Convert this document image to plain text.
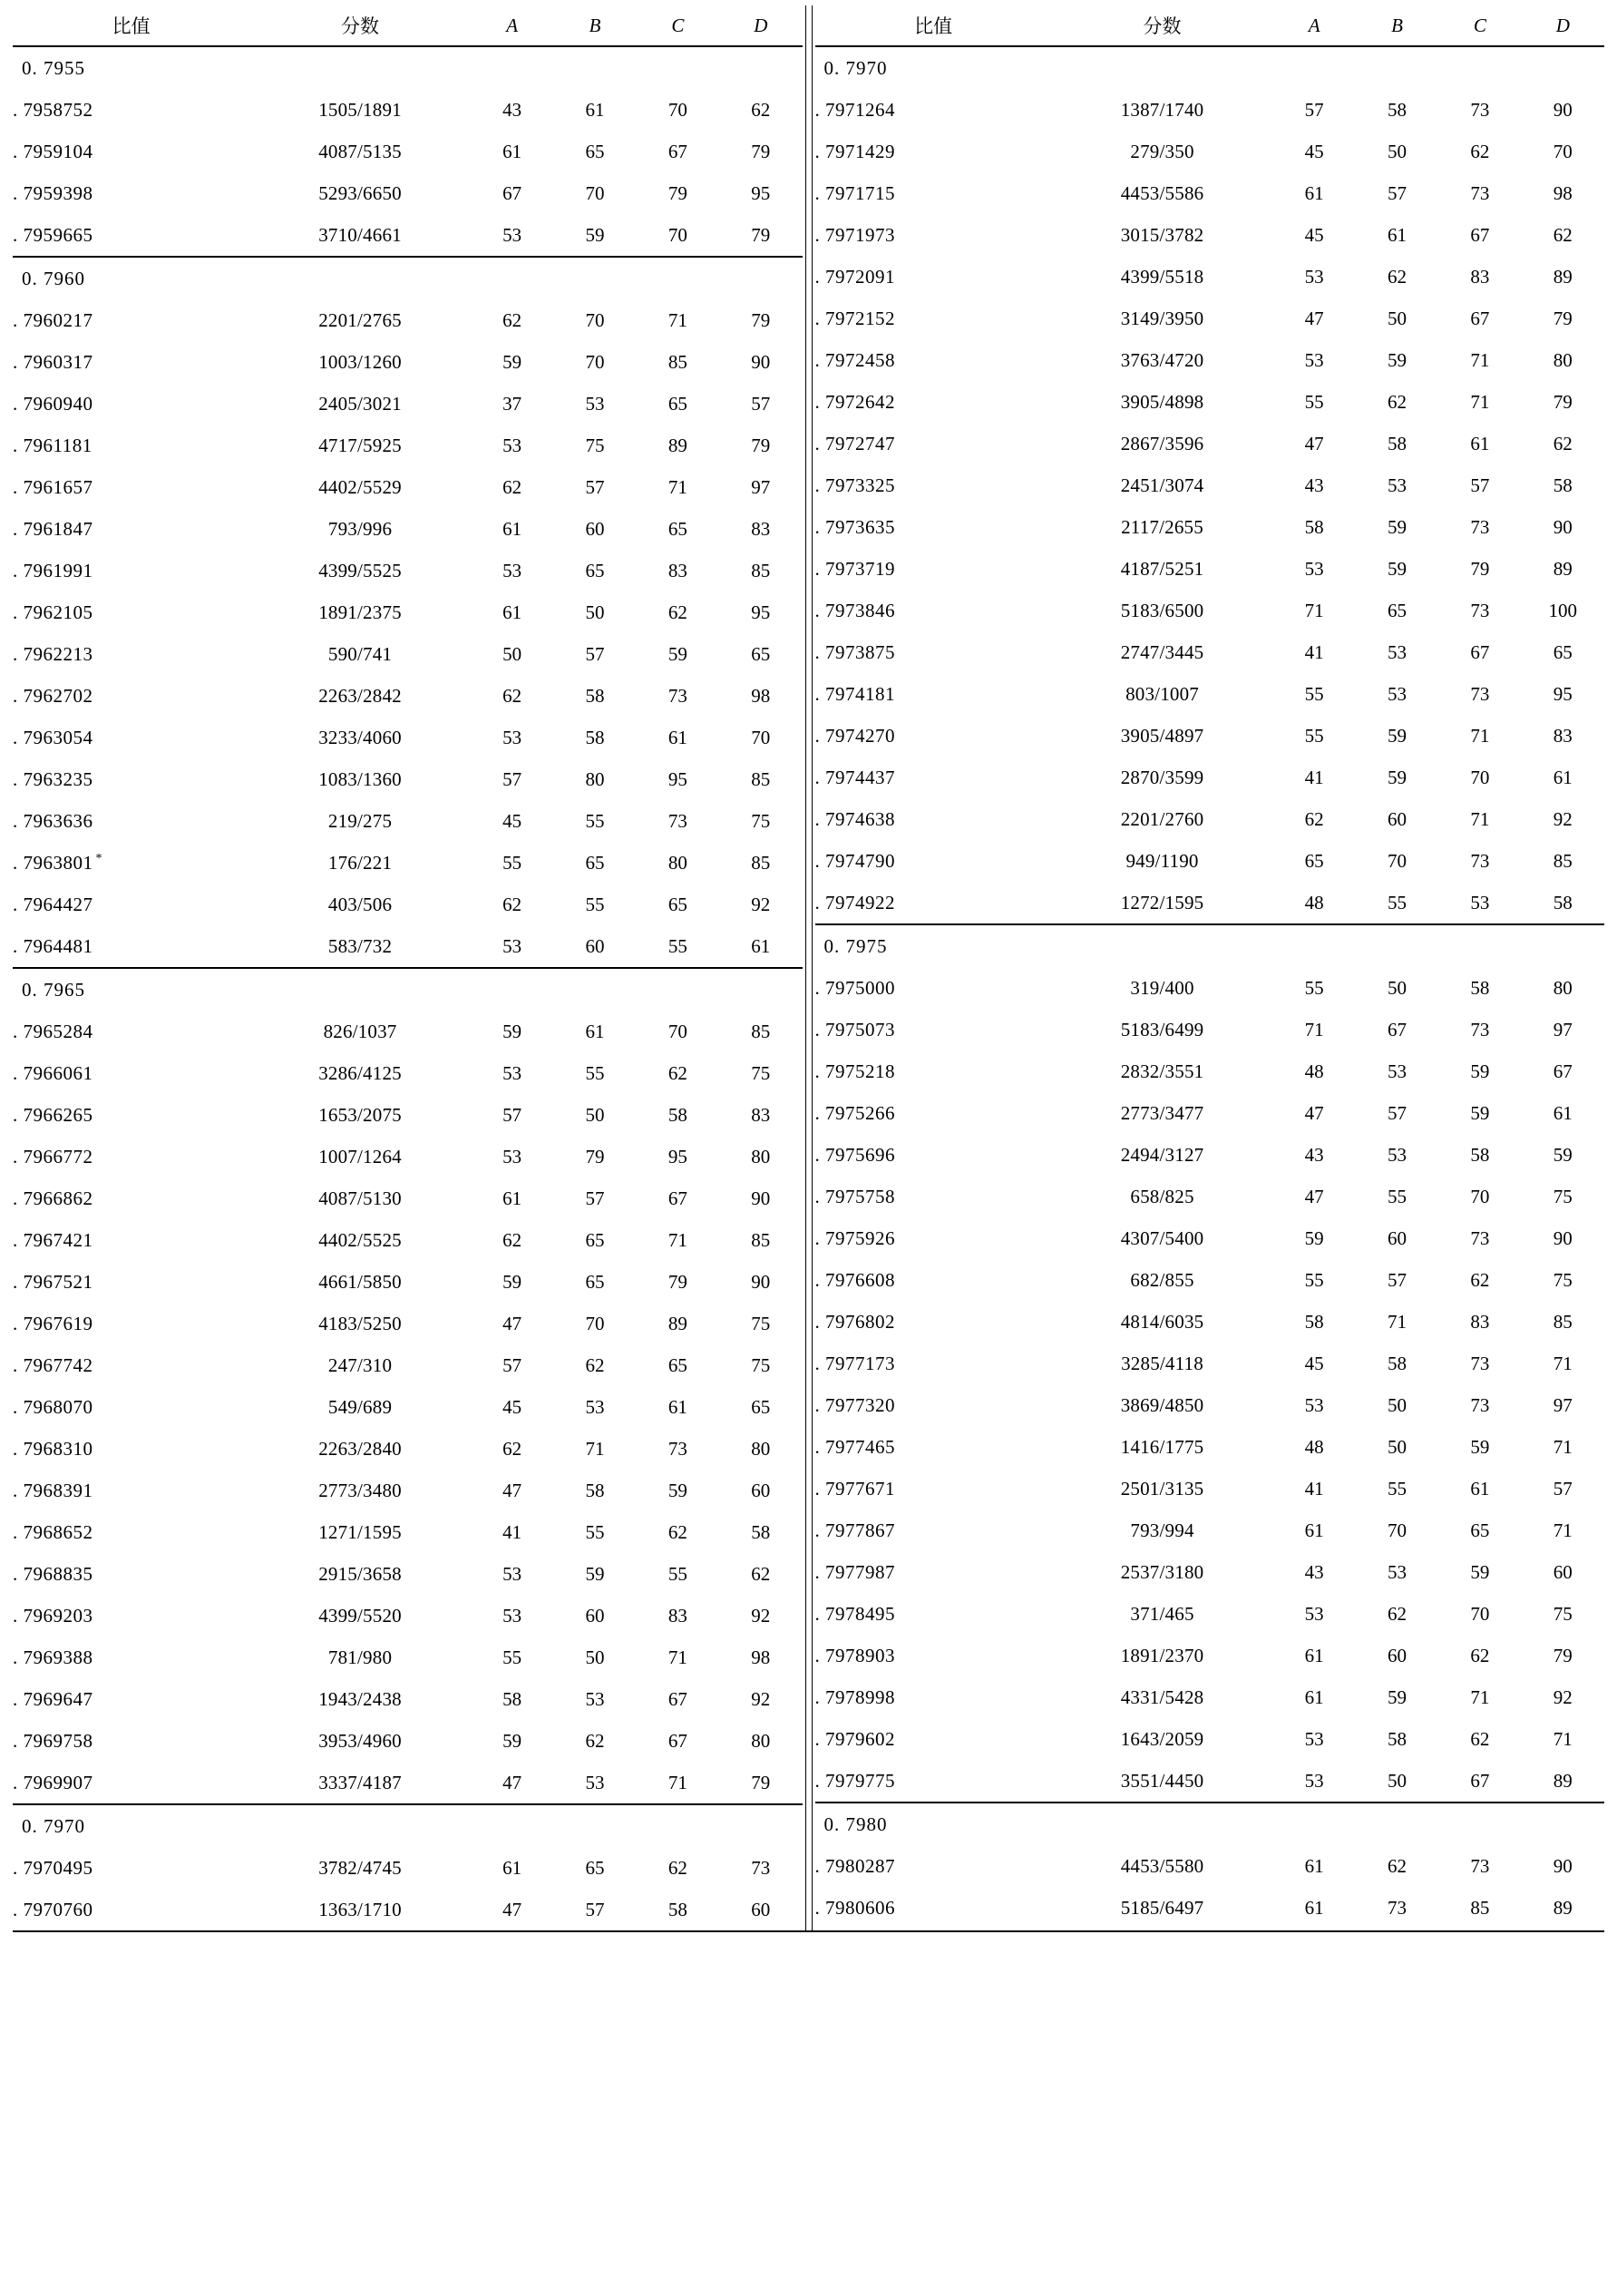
比值	分数	A	B	C	D
0. 7955					
. 7958752	1505/1891	43	61	70	62
. 7959104	4087/5135	61	65	67	79
. 7959398	5293/6650	67	70	79	95
. 7959665	3710/4661	53	59	70	79
0. 7960					
. 7960217	2201/2765	62	70	71	79
. 7960317	1003/1260	59	70	85	90
. 7960940	2405/3021	37	53	65	57
. 7961181	4717/5925	53	75	89	79
. 7961657	4402/5529	62	57	71	97
. 7961847	793/996	61	60	65	83
. 7961991	4399/5525	53	65	83	85
. 7962105	1891/2375	61	50	62	95
. 7962213	590/741	50	57	59	65
. 7962702	2263/2842	62	58	73	98
. 7963054	3233/4060	53	58	61	70
. 7963235	1083/1360	57	80	95	85
. 7963636	219/275	45	55	73	75
. 7963801 *	176/221	55	65	80	85
. 7964427	403/506	62	55	65	92
. 7964481	583/732	53	60	55	61
0. 7965					
. 7965284	826/1037	59	61	70	85
. 7966061	3286/4125	53	55	62	75
. 7966265	1653/2075	57	50	58	83
. 7966772	1007/1264	53	79	95	80
. 7966862	4087/5130	61	57	67	90
. 7967421	4402/5525	62	65	71	85
. 7967521	4661/5850	59	65	79	90
. 7967619	4183/5250	47	70	89	75
. 7967742	247/310	57	62	65	75
. 7968070	549/689	45	53	61	65
. 7968310	2263/2840	62	71	73	80
. 7968391	2773/3480	47	58	59	60
. 7968652	1271/1595	41	55	62	58
. 7968835	2915/3658	53	59	55	62
. 7969203	4399/5520	53	60	83	92
. 7969388	781/980	55	50	71	98
. 7969647	1943/2438	58	53	67	92
. 7969758	3953/4960	59	62	67	80
. 7969907	3337/4187	47	53	71	79
0. 7970					
. 7970495	3782/4745	61	65	62	73
. 7970760	1363/1710	47	57	58	60
比值	分数	A	B	C	D
0. 7970					
. 7971264	1387/1740	57	58	73	90
. 7971429	279/350	45	50	62	70
. 7971715	4453/5586	61	57	73	98
. 7971973	3015/3782	45	61	67	62
. 7972091	4399/5518	53	62	83	89
. 7972152	3149/3950	47	50	67	79
. 7972458	3763/4720	53	59	71	80
. 7972642	3905/4898	55	62	71	79
. 7972747	2867/3596	47	58	61	62
. 7973325	2451/3074	43	53	57	58
. 7973635	2117/2655	58	59	73	90
. 7973719	4187/5251	53	59	79	89
. 7973846	5183/6500	71	65	73	100
. 7973875	2747/3445	41	53	67	65
. 7974181	803/1007	55	53	73	95
. 7974270	3905/4897	55	59	71	83
. 7974437	2870/3599	41	59	70	61
. 7974638	2201/2760	62	60	71	92
. 7974790	949/1190	65	70	73	85
. 7974922	1272/1595	48	55	53	58
0. 7975					
. 7975000	319/400	55	50	58	80
. 7975073	5183/6499	71	67	73	97
. 7975218	2832/3551	48	53	59	67
. 7975266	2773/3477	47	57	59	61
. 7975696	2494/3127	43	53	58	59
. 7975758	658/825	47	55	70	75
. 7975926	4307/5400	59	60	73	90
. 7976608	682/855	55	57	62	75
. 7976802	4814/6035	58	71	83	85
. 7977173	3285/4118	45	58	73	71
. 7977320	3869/4850	53	50	73	97
. 7977465	1416/1775	48	50	59	71
. 7977671	2501/3135	41	55	61	57
. 7977867	793/994	61	70	65	71
. 7977987	2537/3180	43	53	59	60
. 7978495	371/465	53	62	70	75
. 7978903	1891/2370	61	60	62	79
. 7978998	4331/5428	61	59	71	92
. 7979602	1643/2059	53	58	62	71
. 7979775	3551/4450	53	50	67	89
0. 7980					
. 7980287	4453/5580	61	62	73	90
. 7980606	5185/6497	61	73	85	89
